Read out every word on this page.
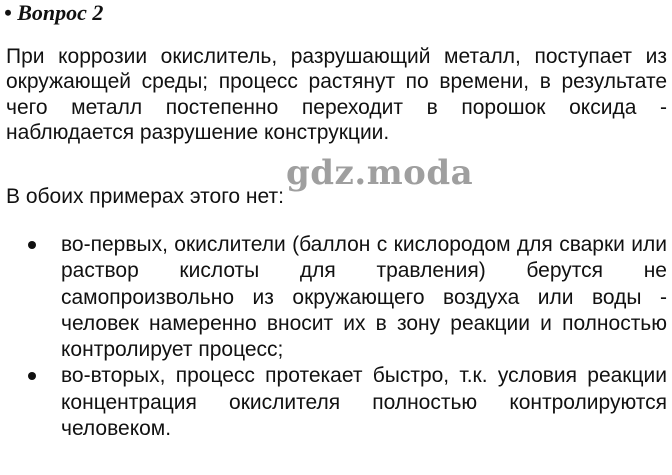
• Вопрос 2

При коррозии окислитель, разрушающий металл, поступает из окружающей среды; процесс растянут по времени, в результате чего металл постепенно переходит в порошок оксида - наблюдается разрушение конструкции.

В обоих примерах этого нет:

во-первых, окислители (баллон с кислородом для сварки или раствор кислоты для травления) берутся не самопроизвольно из окружающего воздуха или воды - человек намеренно вносит их в зону реакции и полностью контролирует процесс;
во-вторых, процесс протекает быстро, т.к. условия реакции концентрация окислителя полностью контролируются человеком.
gdz.moda
